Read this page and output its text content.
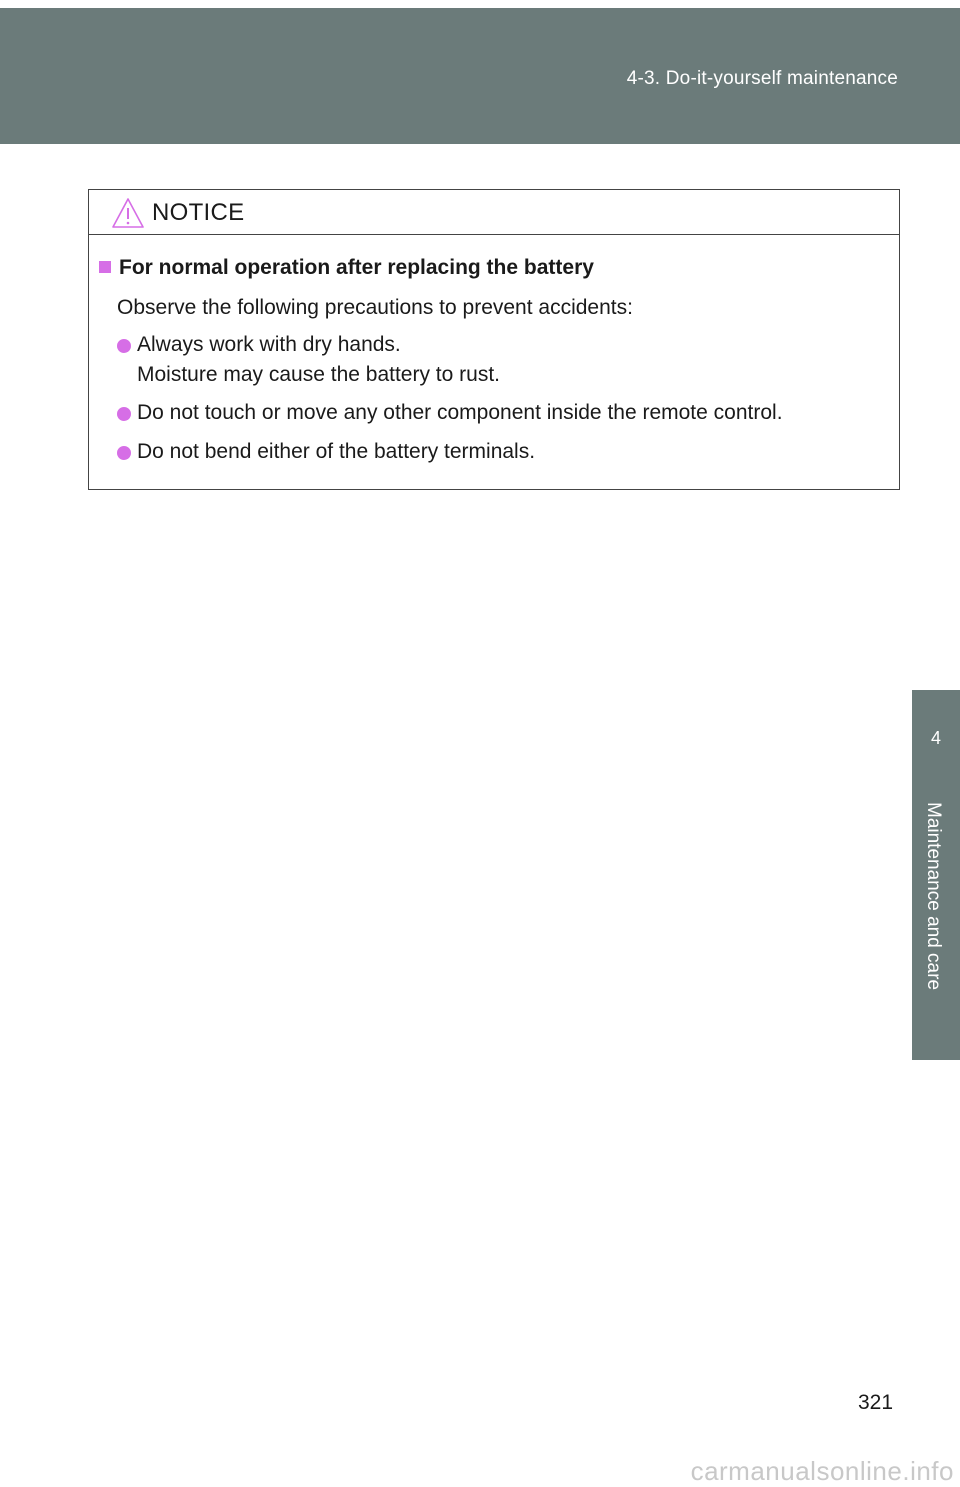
4-3. Do-it-yourself maintenance
4
Maintenance and care
NOTICE
For normal operation after replacing the battery
Observe the following precautions to prevent accidents:
Always work with dry hands.
Moisture may cause the battery to rust.
Do not touch or move any other component inside the remote control.
Do not bend either of the battery terminals.
321
carmanualsonline.info
